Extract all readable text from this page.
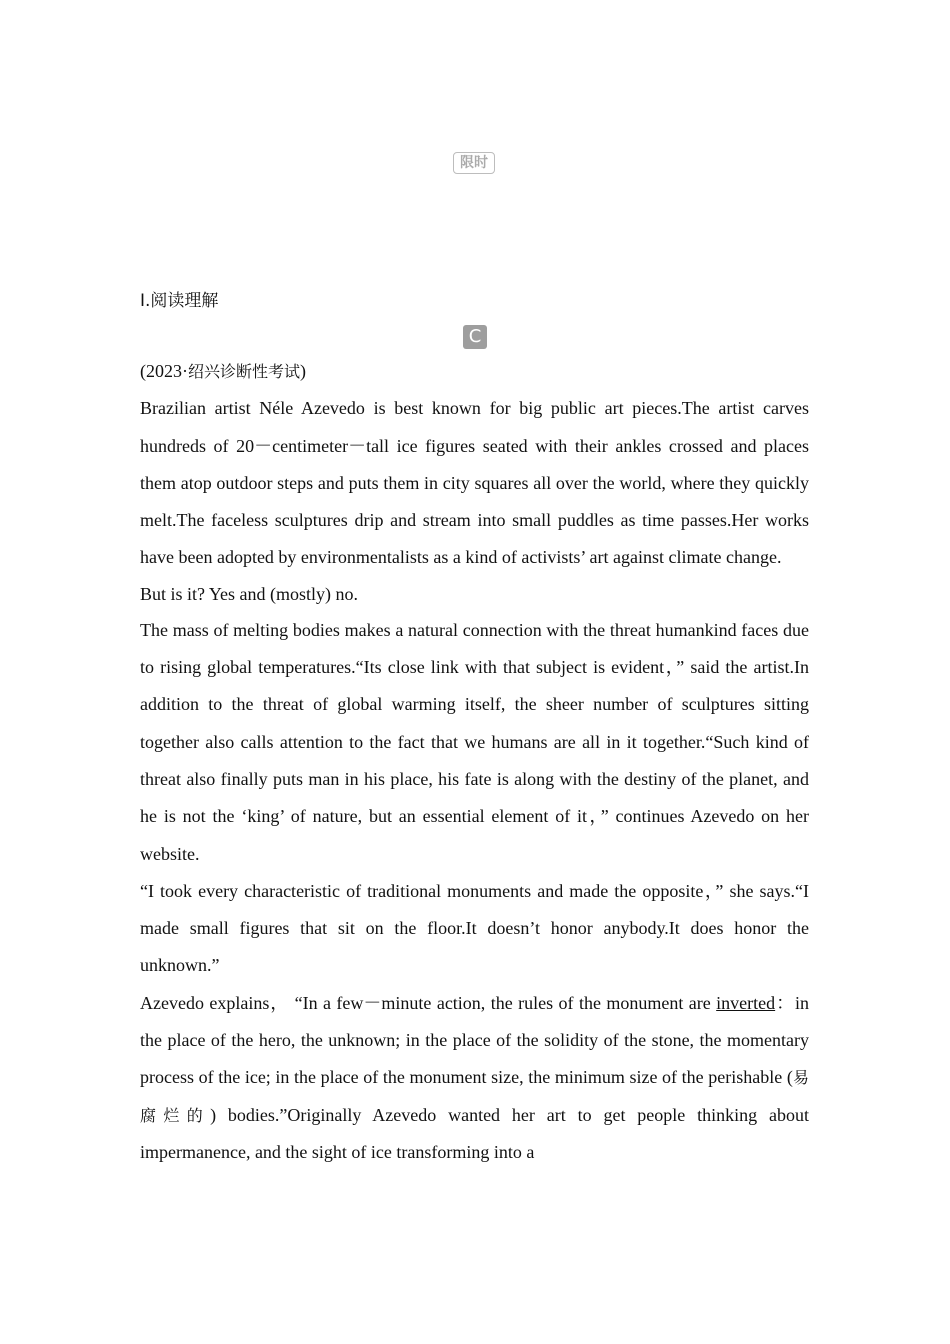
限时
Ⅰ.阅读理解
C

(2023·绍兴诊断性考试)

Brazilian artist Néle Azevedo is best known for big public art pieces.The artist carves hundreds of 20－centimeter－tall ice figures seated with their ankles crossed and places them atop outdoor steps and puts them in city squares all over the world, where they quickly melt.The faceless sculptures drip and stream into small puddles as time passes.Her works have been adopted by environmentalists as a kind of activists’ art against climate change.

But is it? Yes and (mostly) no.

The mass of melting bodies makes a natural connection with the threat humankind faces due to rising global temperatures.“Its close link with that subject is evident，” said the artist.In addition to the threat of global warming itself, the sheer number of sculptures sitting together also calls attention to the fact that we humans are all in it together.“Such kind of threat also finally puts man in his place, his fate is along with the destiny of the planet, and he is not the ‘king’ of nature, but an essential element of it，” continues Azevedo on her website.

“I took every characteristic of traditional monuments and made the opposite，” she says.“I made small figures that sit on the floor.It doesn’t honor anybody.It does honor the unknown.”

Azevedo explains， “In a few－minute action, the rules of the monument are inverted：in the place of the hero, the unknown; in the place of the solidity of the stone, the momentary process of the ice; in the place of the monument size, the minimum size of the perishable (易腐烂的) bodies.”Originally Azevedo wanted her art to get people thinking about impermanence, and the sight of ice transforming into a
